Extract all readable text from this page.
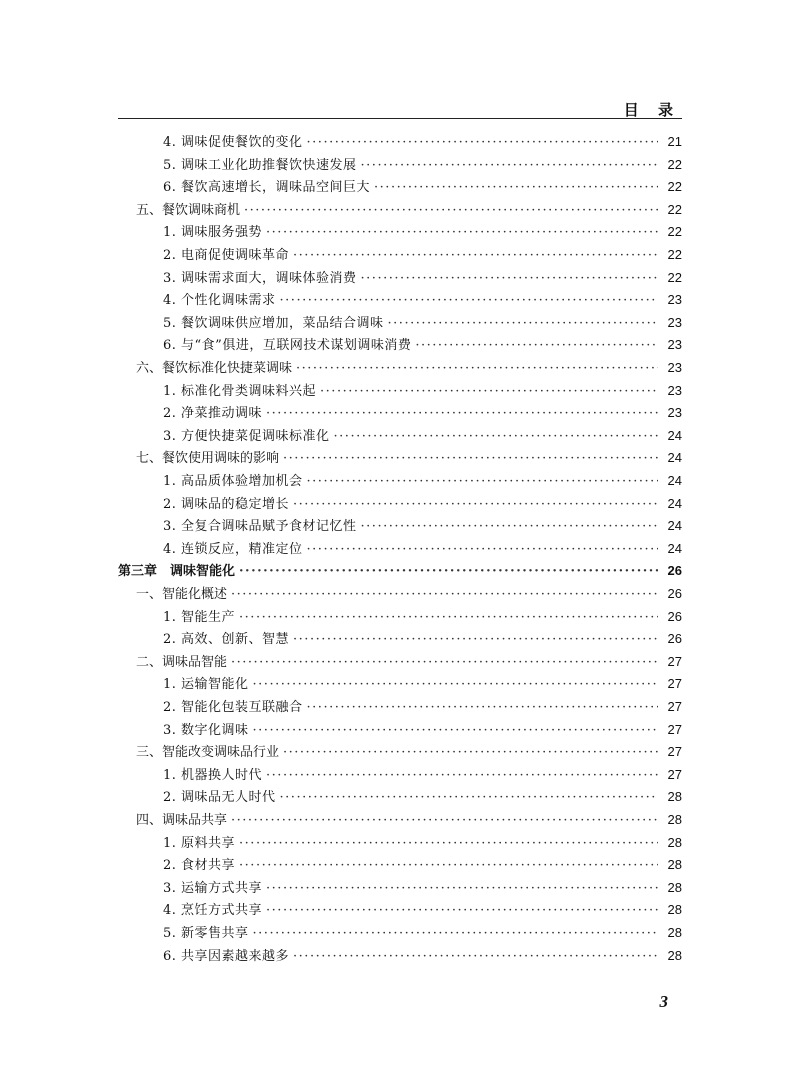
目 录
4. 调味促使餐饮的变化 ·····	21
5. 调味工业化助推餐饮快速发展 ·····	22
6. 餐饮高速增长，调味品空间巨大 ·····	22
五、餐饮调味商机 ·····	22
1. 调味服务强势 ·····	22
2. 电商促使调味革命 ·····	22
3. 调味需求面大，调味体验消费 ·····	22
4. 个性化调味需求 ·····	23
5. 餐饮调味供应增加，菜品结合调味 ·····	23
6. 与“食”俱进，互联网技术谋划调味消费 ·····	23
六、餐饮标准化快捷菜调味 ·····	23
1. 标准化骨类调味料兴起 ·····	23
2. 净菜推动调味 ·····	23
3. 方便快捷菜促调味标准化 ·····	24
七、餐饮使用调味的影响 ·····	24
1. 高品质体验增加机会 ·····	24
2. 调味品的稳定增长 ·····	24
3. 全复合调味品赋予食材记忆性 ·····	24
4. 连锁反应，精准定位 ·····	24
第三章　调味智能化 ·····	26
一、智能化概述 ·····	26
1. 智能生产 ·····	26
2. 高效、创新、智慧 ·····	26
二、调味品智能 ·····	27
1. 运输智能化 ·····	27
2. 智能化包装互联融合 ·····	27
3. 数字化调味 ·····	27
三、智能改变调味品行业 ·····	27
1. 机器换人时代 ·····	27
2. 调味品无人时代 ·····	28
四、调味品共享 ·····	28
1. 原料共享 ·····	28
2. 食材共享 ·····	28
3. 运输方式共享 ·····	28
4. 烹饪方式共享 ·····	28
5. 新零售共享 ·····	28
6. 共享因素越来越多 ·····	28
3
